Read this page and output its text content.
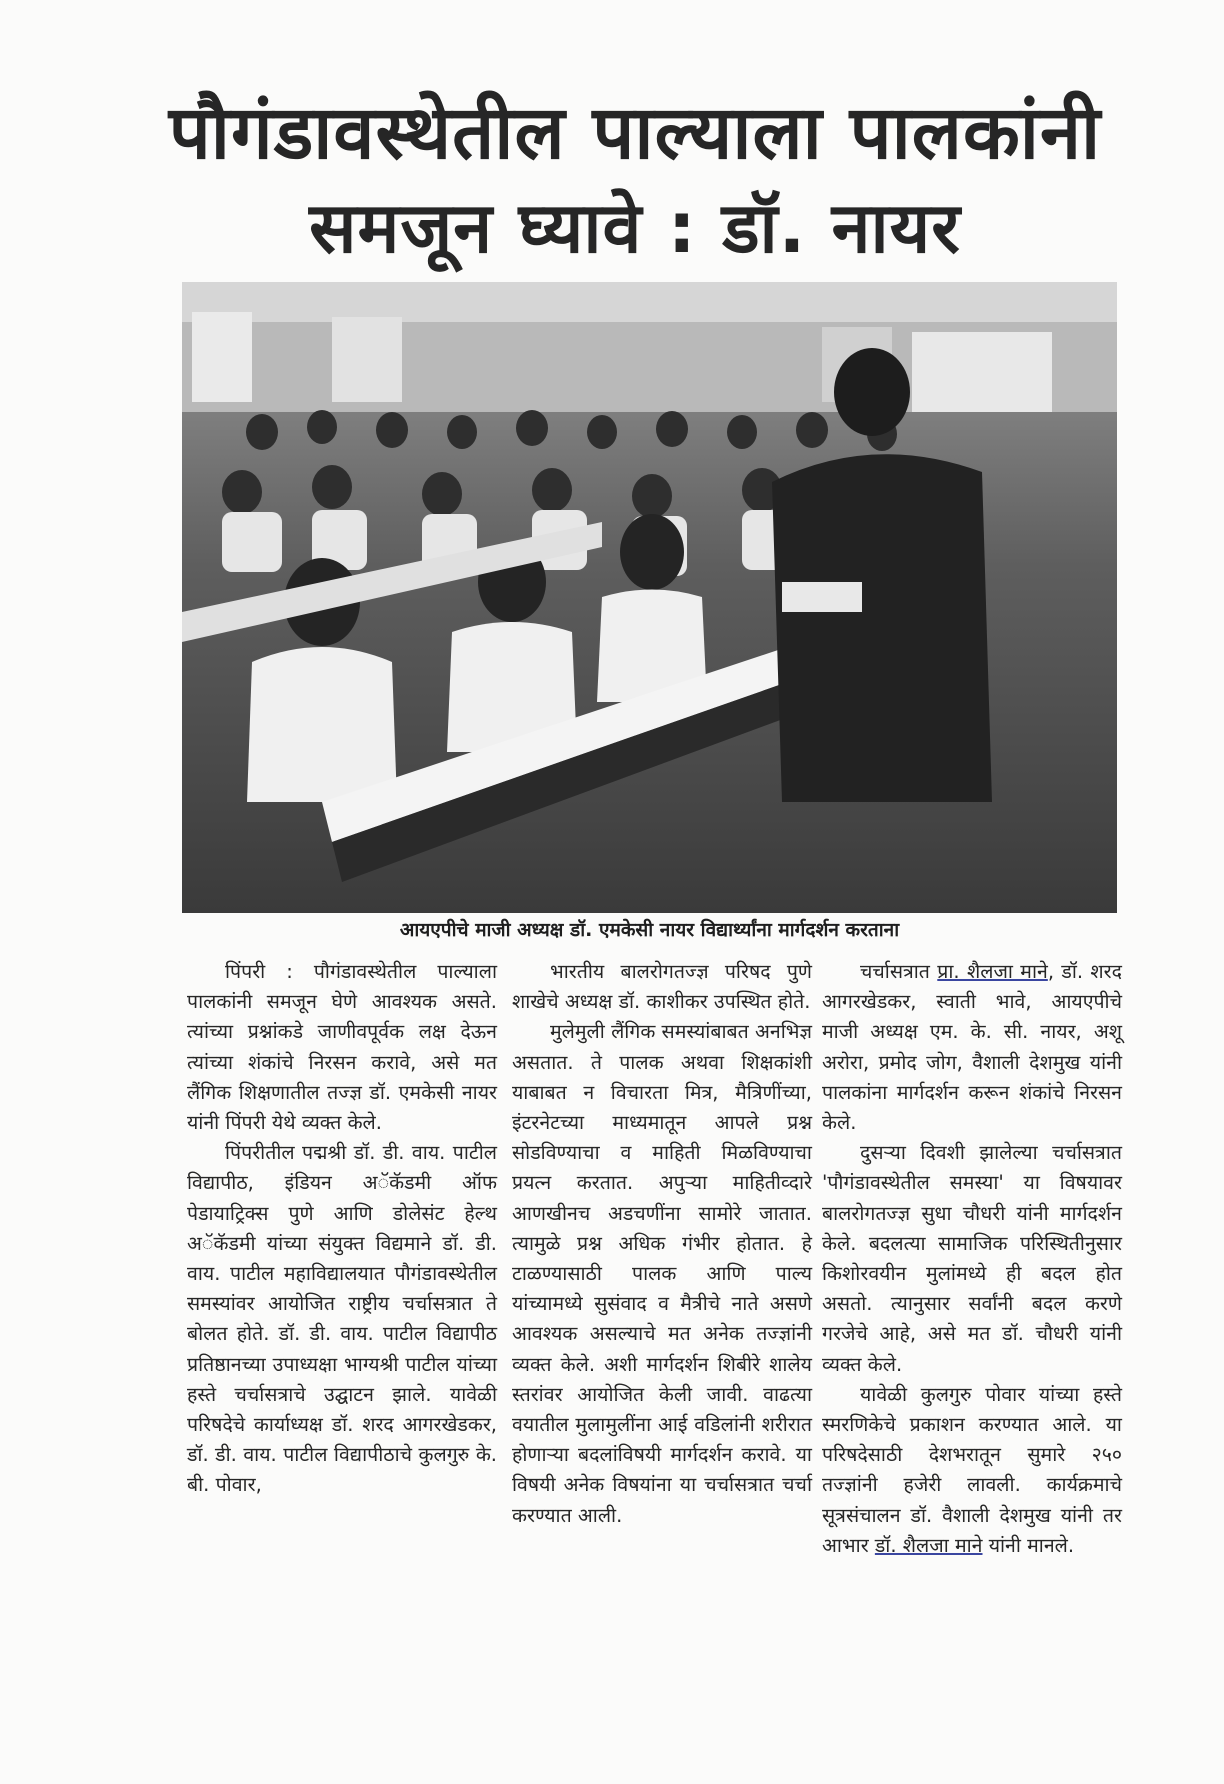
पौगंडावस्थेतील पाल्याला पालकांनी
समजून घ्यावे : डॉ. नायर
आयएपीचे माजी अध्यक्ष डॉ. एमकेसी नायर विद्यार्थ्यांना मार्गदर्शन करताना

पिंपरी : पौगंडावस्थेतील पाल्याला पालकांनी समजून घेणे आवश्यक असते. त्यांच्या प्रश्नांकडे जाणीवपूर्वक लक्ष देऊन त्यांच्या शंकांचे निरसन करावे, असे मत लैंगिक शिक्षणातील तज्ज्ञ डॉ. एमकेसी नायर यांनी पिंपरी येथे व्यक्त केले.

पिंपरीतील पद्मश्री डॉ. डी. वाय. पाटील विद्यापीठ, इंडियन अॅकॅडमी ऑफ पेडायाट्रिक्स पुणे आणि डोलेसंट हेल्थ अॅकॅडमी यांच्या संयुक्त विद्यमाने डॉ. डी. वाय. पाटील महाविद्यालयात पौगंडावस्थेतील समस्यांवर आयोजित राष्ट्रीय चर्चासत्रात ते बोलत होते. डॉ. डी. वाय. पाटील विद्यापीठ प्रतिष्ठानच्या उपाध्यक्षा भाग्यश्री पाटील यांच्या हस्ते चर्चासत्राचे उद्घाटन झाले. यावेळी परिषदेचे कार्याध्यक्ष डॉ. शरद आगरखेडकर, डॉ. डी. वाय. पाटील विद्यापीठाचे कुलगुरु के. बी. पोवार,

भारतीय बालरोगतज्ज्ञ परिषद पुणे शाखेचे अध्यक्ष डॉ. काशीकर उपस्थित होते.

मुलेमुली लैंगिक समस्यांबाबत अनभिज्ञ असतात. ते पालक अथवा शिक्षकांशी याबाबत न विचारता मित्र, मैत्रिणींच्या, इंटरनेटच्या माध्यमातून आपले प्रश्न सोडविण्याचा व माहिती मिळविण्याचा प्रयत्न करतात. अपुऱ्या माहितीव्दारे आणखीनच अडचणींना सामोरे जातात. त्यामुळे प्रश्न अधिक गंभीर होतात. हे टाळण्यासाठी पालक आणि पाल्य यांच्यामध्ये सुसंवाद व मैत्रीचे नाते असणे आवश्यक असल्याचे मत अनेक तज्ज्ञांनी व्यक्त केले. अशी मार्गदर्शन शिबीरे शालेय स्तरांवर आयोजित केली जावी. वाढत्या वयातील मुलामुलींना आई वडिलांनी शरीरात होणाऱ्या बदलांविषयी मार्गदर्शन करावे. या विषयी अनेक विषयांना या चर्चासत्रात चर्चा करण्यात आली.

चर्चासत्रात प्रा. शैलजा माने, डॉ. शरद आगरखेडकर, स्वाती भावे, आयएपीचे माजी अध्यक्ष एम. के. सी. नायर, अशू अरोरा, प्रमोद जोग, वैशाली देशमुख यांनी पालकांना मार्गदर्शन करून शंकांचे निरसन केले.

दुसऱ्या दिवशी झालेल्या चर्चासत्रात 'पौगंडावस्थेतील समस्या' या विषयावर बालरोगतज्ज्ञ सुधा चौधरी यांनी मार्गदर्शन केले. बदलत्या सामाजिक परिस्थितीनुसार किशोरवयीन मुलांमध्ये ही बदल होत असतो. त्यानुसार सर्वांनी बदल करणे गरजेचे आहे, असे मत डॉ. चौधरी यांनी व्यक्त केले.

यावेळी कुलगुरु पोवार यांच्या हस्ते स्मरणिकेचे प्रकाशन करण्यात आले. या परिषदेसाठी देशभरातून सुमारे २५० तज्ज्ञांनी हजेरी लावली. कार्यक्रमाचे सूत्रसंचालन डॉ. वैशाली देशमुख यांनी तर आभार डॉ. शैलजा माने यांनी मानले.
